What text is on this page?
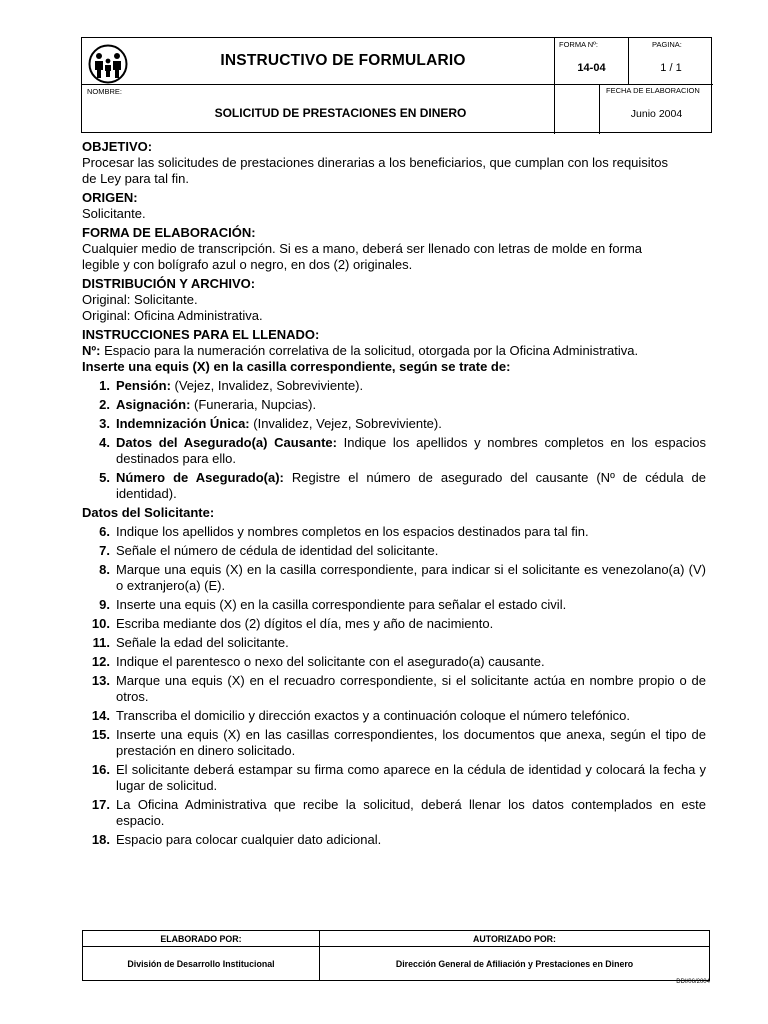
INSTRUCTIVO DE FORMULARIO
FORMA Nº:
14-04
PAGINA:
1 / 1
NOMBRE:
SOLICITUD DE PRESTACIONES EN DINERO
FECHA DE ELABORACION
Junio 2004
OBJETIVO:
Procesar las solicitudes de prestaciones dinerarias a los beneficiarios, que cumplan con los requisitos
de Ley para tal fin.
ORIGEN:
Solicitante.
FORMA DE ELABORACIÓN:
Cualquier medio de transcripción. Si es a mano, deberá ser llenado con letras de molde en forma
legible y con bolígrafo azul o negro, en dos (2) originales.
DISTRIBUCIÓN Y ARCHIVO:
Original: Solicitante.
Original: Oficina Administrativa.
INSTRUCCIONES PARA EL LLENADO:
Nº: Espacio para la numeración correlativa de la solicitud, otorgada por la Oficina Administrativa.
Inserte una equis (X) en la casilla correspondiente, según se trate de:
1. Pensión: (Vejez, Invalidez, Sobreviviente).
2. Asignación: (Funeraria, Nupcias).
3. Indemnización Única: (Invalidez, Vejez, Sobreviviente).
4. Datos del Asegurado(a) Causante: Indique los apellidos y nombres completos en los espacios destinados para ello.
5. Número de Asegurado(a): Registre el número de asegurado del causante (Nº de cédula de identidad).
Datos del Solicitante:
6. Indique los apellidos y nombres completos en los espacios destinados para tal fin.
7. Señale el número de cédula de identidad del solicitante.
8. Marque una equis (X) en la casilla correspondiente, para indicar si el solicitante es venezolano(a) (V) o extranjero(a) (E).
9. Inserte una equis (X) en la casilla correspondiente para señalar el estado civil.
10. Escriba mediante dos (2) dígitos el día, mes y año de nacimiento.
11. Señale la edad del solicitante.
12. Indique el parentesco o nexo del solicitante con el asegurado(a) causante.
13. Marque una equis (X) en el recuadro correspondiente, si el solicitante actúa en nombre propio o de otros.
14. Transcriba el domicilio y dirección exactos y a continuación coloque el número telefónico.
15. Inserte una equis (X) en las casillas correspondientes, los documentos que anexa, según el tipo de prestación en dinero solicitado.
16. El solicitante deberá estampar su firma como aparece en la cédula de identidad y colocará la fecha y lugar de solicitud.
17. La Oficina Administrativa que recibe la solicitud, deberá llenar los datos contemplados en este espacio.
18. Espacio para colocar cualquier dato adicional.
ELABORADO POR:	AUTORIZADO POR:
División de Desarrollo Institucional	Dirección General de Afiliación y Prestaciones en Dinero
DDI/06/2004
